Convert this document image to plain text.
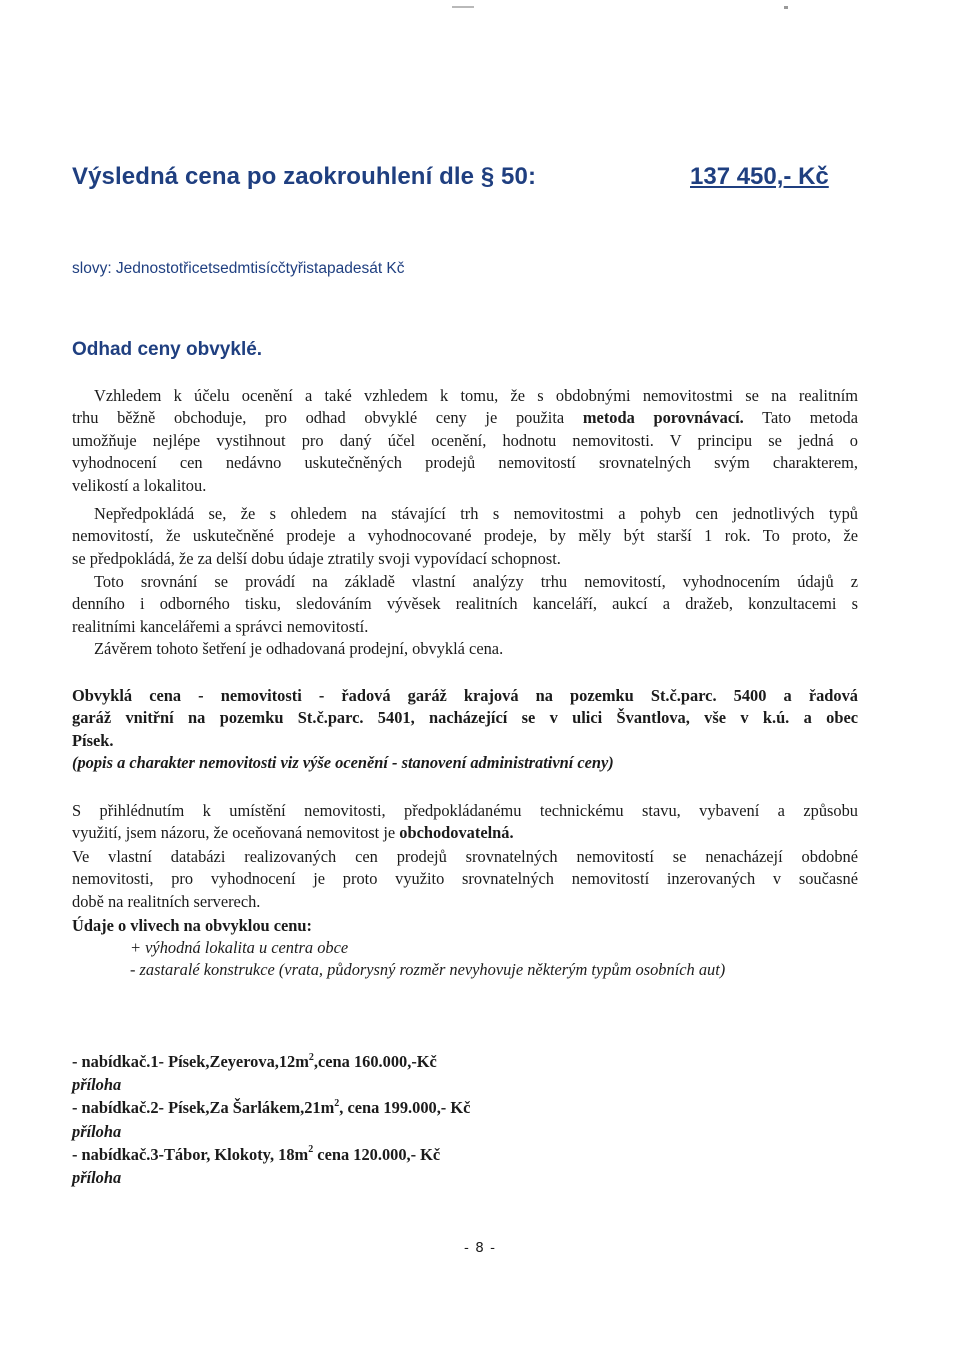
Výsledná cena po zaokrouhlení dle § 50:	137 450,- Kč
slovy: Jednostotřicetsedmtisícčtyřistapadesát Kč
Odhad ceny obvyklé.
Vzhledem k účelu ocenění a také vzhledem k tomu, že s obdobnými nemovitostmi se na realitním
trhu běžně obchoduje, pro odhad obvyklé ceny je použita metoda porovnávací. Tato metoda
umožňuje nejlépe vystihnout pro daný účel ocenění, hodnotu nemovitosti. V principu se jedná o
vyhodnocení cen nedávno uskutečněných prodejů nemovitostí srovnatelných svým charakterem,
velikostí a lokalitou.
Nepředpokládá se, že s ohledem na stávající trh s nemovitostmi a pohyb cen jednotlivých typů
nemovitostí, že uskutečněné prodeje a vyhodnocované prodeje, by měly být starší 1 rok. To proto, že
se předpokládá, že za delší dobu údaje ztratily svoji vypovídací schopnost.
Toto srovnání se provádí na základě vlastní analýzy trhu nemovitostí, vyhodnocením údajů z
denního i odborného tisku, sledováním vývěsek realitních kanceláří, aukcí a dražeb, konzultacemi s
realitními kancelářemi a správci nemovitostí.
Závěrem tohoto šetření je odhadovaná prodejní, obvyklá cena.
Obvyklá cena - nemovitosti - řadová garáž krajová na pozemku St.č.parc. 5400 a řadová
garáž vnitřní na pozemku St.č.parc. 5401, nacházející se v ulici Švantlova, vše v k.ú. a obec
Písek.
(popis a charakter nemovitosti viz výše ocenění - stanovení administrativní ceny)
S přihlédnutím k umístění nemovitosti, předpokládanému technickému stavu, vybavení a způsobu
využití, jsem názoru, že oceňovaná nemovitost je obchodovatelná.
Ve vlastní databázi realizovaných cen prodejů srovnatelných nemovitostí se nenacházejí obdobné
nemovitosti, pro vyhodnocení je proto využito srovnatelných nemovitostí inzerovaných v současné
době na realitních serverech.
Údaje o vlivech na obvyklou cenu:
+ výhodná lokalita u centra obce
- zastaralé konstrukce (vrata, půdorysný rozměr nevyhovuje některým typům osobních aut)
- nabídkač.1- $Písek,Zeyerova,12m^2,cena$ 160.000,-Kč
příloha
- nabídkač.2- Písek,Za $Šarlákem,21m^2$, cena 199.000,- Kč
příloha
- nabídkač.3-Tábor, Klokoty, $18m^2$ cena 120.000,- Kč
příloha
- 8 -
